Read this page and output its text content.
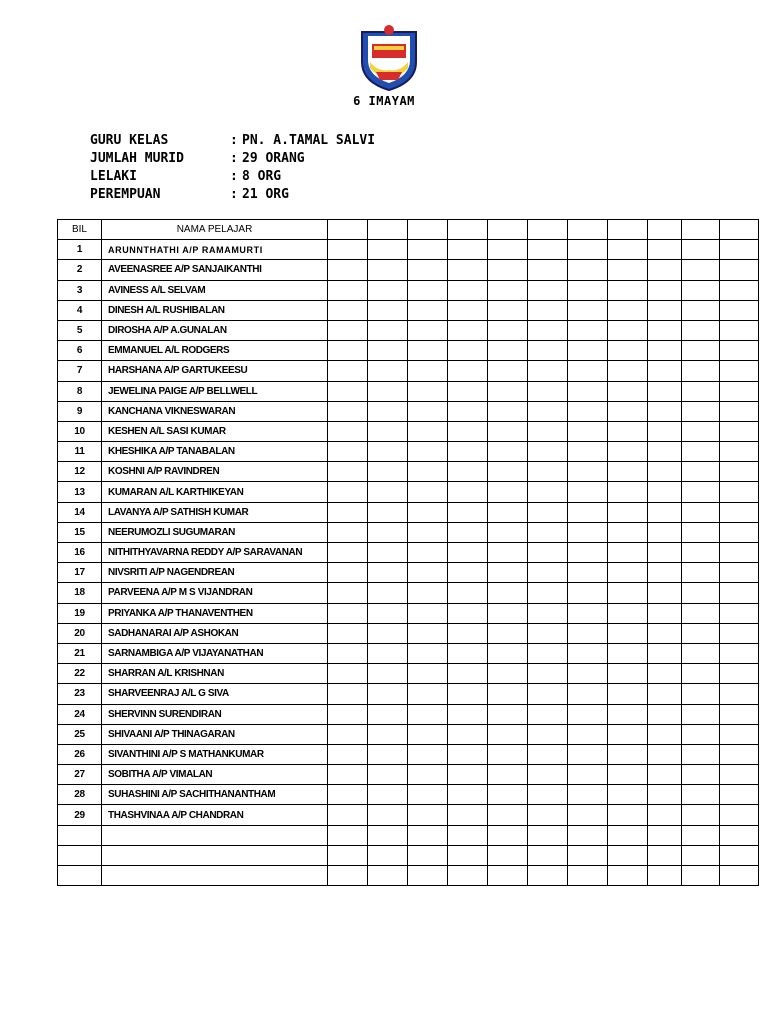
6 IMAYAM
GURU KELAS	: PN. A.TAMAL SALVI
JUMLAH MURID	: 29 ORANG
LELAKI	: 8 ORG
PEREMPUAN	: 21 ORG
BIL	NAMA PELAJAR											
1	ARUNNTHATHI A/P RAMAMURTI											
2	AVEENASREE A/P SANJAIKANTHI											
3	AVINESS A/L SELVAM											
4	DINESH A/L RUSHIBALAN											
5	DIROSHA A/P A.GUNALAN											
6	EMMANUEL A/L RODGERS											
7	HARSHANA A/P GARTUKEESU											
8	JEWELINA PAIGE A/P BELLWELL											
9	KANCHANA VIKNESWARAN											
10	KESHEN A/L SASI KUMAR											
11	KHESHIKA A/P TANABALAN											
12	KOSHNI A/P RAVINDREN											
13	KUMARAN A/L KARTHIKEYAN											
14	LAVANYA A/P SATHISH KUMAR											
15	NEERUMOZLI SUGUMARAN											
16	NITHITHYAVARNA REDDY A/P SARAVANAN											
17	NIVSRITI A/P NAGENDREAN											
18	PARVEENA A/P M S VIJANDRAN											
19	PRIYANKA A/P THANAVENTHEN											
20	SADHANARAI A/P ASHOKAN											
21	SARNAMBIGA A/P VIJAYANATHAN											
22	SHARRAN A/L KRISHNAN											
23	SHARVEENRAJ A/L G SIVA											
24	SHERVINN SURENDIRAN											
25	SHIVAANI A/P THINAGARAN											
26	SIVANTHINI A/P S MATHANKUMAR											
27	SOBITHA A/P VIMALAN											
28	SUHASHINI A/P SACHITHANANTHAM											
29	THASHVINAA A/P CHANDRAN											
